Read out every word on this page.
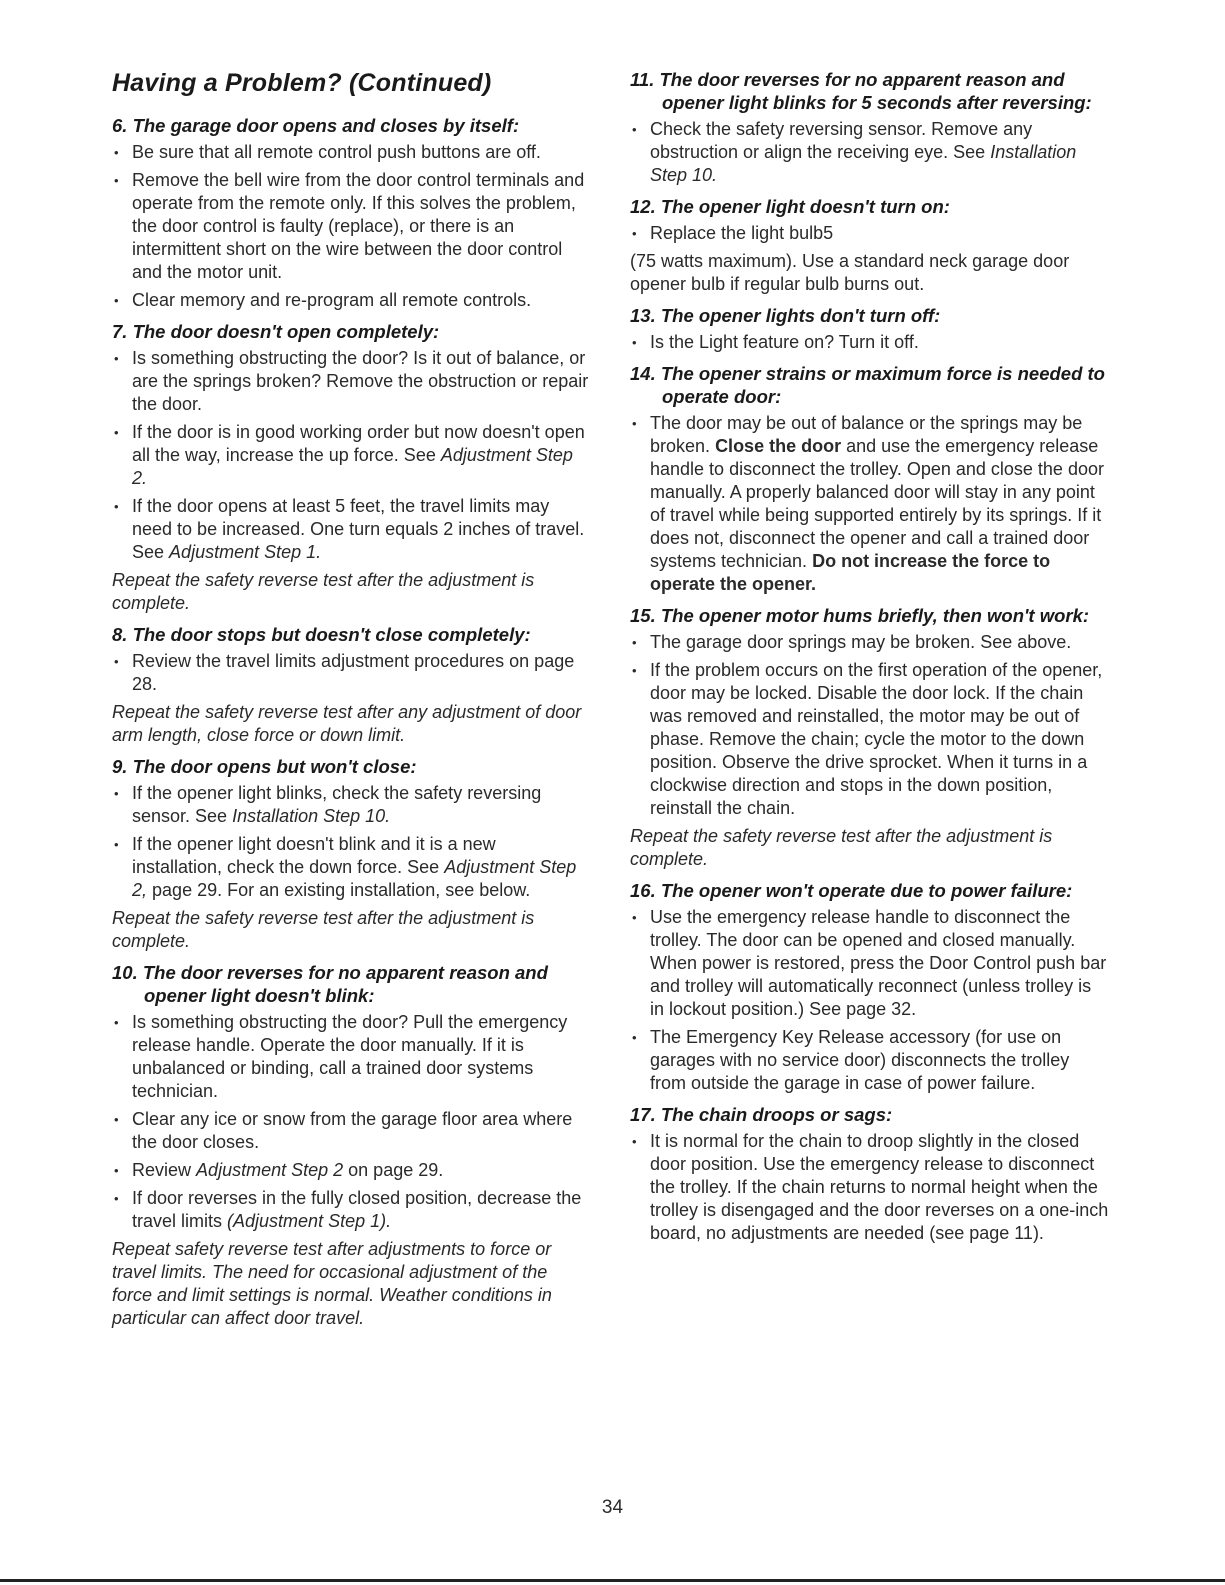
Having a Problem? (Continued)
6. The garage door opens and closes by itself:
• Be sure that all remote control push buttons are off.
• Remove the bell wire from the door control terminals and operate from the remote only. If this solves the problem, the door control is faulty (replace), or there is an intermittent short on the wire between the door control and the motor unit.
• Clear memory and re-program all remote controls.
7. The door doesn't open completely:
• Is something obstructing the door? Is it out of balance, or are the springs broken? Remove the obstruction or repair the door.
• If the door is in good working order but now doesn't open all the way, increase the up force. See Adjustment Step 2.
• If the door opens at least 5 feet, the travel limits may need to be increased. One turn equals 2 inches of travel. See Adjustment Step 1.

Repeat the safety reverse test after the adjustment is complete.

8. The door stops but doesn't close completely:
• Review the travel limits adjustment procedures on page 28.

Repeat the safety reverse test after any adjustment of door arm length, close force or down limit.

9. The door opens but won't close:
• If the opener light blinks, check the safety reversing sensor. See Installation Step 10.
• If the opener light doesn't blink and it is a new installation, check the down force. See Adjustment Step 2, page 29. For an existing installation, see below.

Repeat the safety reverse test after the adjustment is complete.

10. The door reverses for no apparent reason and opener light doesn't blink:
• Is something obstructing the door? Pull the emergency release handle. Operate the door manually. If it is unbalanced or binding, call a trained door systems technician.
• Clear any ice or snow from the garage floor area where the door closes.
• Review Adjustment Step 2 on page 29.
• If door reverses in the fully closed position, decrease the travel limits (Adjustment Step 1).

Repeat safety reverse test after adjustments to force or travel limits. The need for occasional adjustment of the force and limit settings is normal. Weather conditions in particular can affect door travel.

11. The door reverses for no apparent reason and opener light blinks for 5 seconds after reversing:
• Check the safety reversing sensor. Remove any obstruction or align the receiving eye. See Installation Step 10.
12. The opener light doesn't turn on:
• Replace the light bulb5

(75 watts maximum). Use a standard neck garage door opener bulb if regular bulb burns out.

13. The opener lights don't turn off:
• Is the Light feature on? Turn it off.
14. The opener strains or maximum force is needed to operate door:
• The door may be out of balance or the springs may be broken. Close the door and use the emergency release handle to disconnect the trolley. Open and close the door manually. A properly balanced door will stay in any point of travel while being supported entirely by its springs. If it does not, disconnect the opener and call a trained door systems technician. Do not increase the force to operate the opener.
15. The opener motor hums briefly, then won't work:
• The garage door springs may be broken. See above.
• If the problem occurs on the first operation of the opener, door may be locked. Disable the door lock. If the chain was removed and reinstalled, the motor may be out of phase. Remove the chain; cycle the motor to the down position. Observe the drive sprocket. When it turns in a clockwise direction and stops in the down position, reinstall the chain.

Repeat the safety reverse test after the adjustment is complete.

16. The opener won't operate due to power failure:
• Use the emergency release handle to disconnect the trolley. The door can be opened and closed manually. When power is restored, press the Door Control push bar and trolley will automatically reconnect (unless trolley is in lockout position.) See page 32.
• The Emergency Key Release accessory (for use on garages with no service door) disconnects the trolley from outside the garage in case of power failure.
17. The chain droops or sags:
• It is normal for the chain to droop slightly in the closed door position. Use the emergency release to disconnect the trolley. If the chain returns to normal height when the trolley is disengaged and the door reverses on a one-inch board, no adjustments are needed (see page 11).
34
